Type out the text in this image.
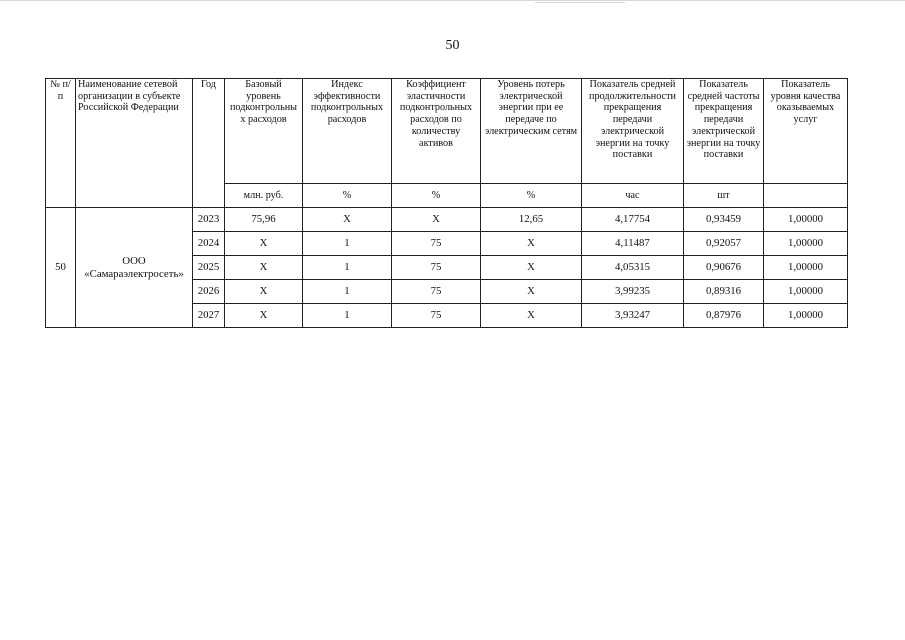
50
№ п/п	Наименование сетевой организации в субъекте Российской Федерации	Год	Базовый уровень подконтрольны х расходов	Индекс эффективности подконтрольных расходов	Коэффициент эластичности подконтрольных расходов по количеству активов	Уровень потерь электрической энергии при ее передаче по электрическим сетям	Показатель средней продолжительности прекращения передачи электрической энергии на точку поставки	Показатель средней частоты прекращения передачи электрической энергии на точку поставки	Показатель уровня качества оказываемых услуг
			млн. руб.	%	%	%	час	шт	
50	ООО «Самараэлектросеть»	2023	75,96	X	X	12,65	4,17754	0,93459	1,00000
		2024	X	1	75	X	4,11487	0,92057	1,00000
		2025	X	1	75	X	4,05315	0,90676	1,00000
		2026	X	1	75	X	3,99235	0,89316	1,00000
		2027	X	1	75	X	3,93247	0,87976	1,00000
